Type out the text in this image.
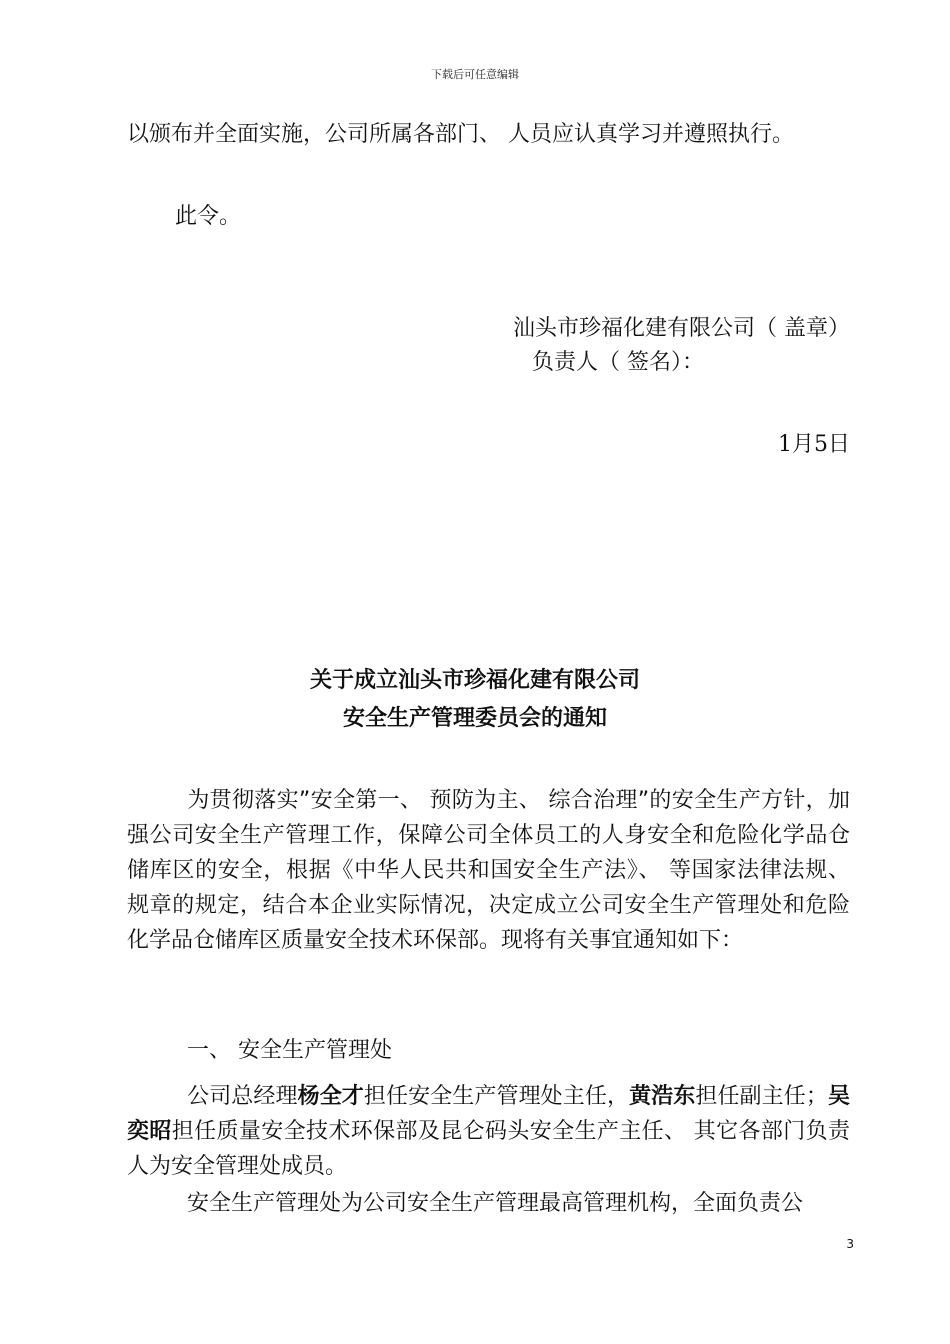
下载后可任意编辑
以颁布并全面实施，公司所属各部门、 人员应认真学习并遵照执行。
此令。
汕头市珍福化建有限公司（ 盖章）
负责人（ 签名）：
1月5日
关于成立汕头市珍福化建有限公司
安全生产管理委员会的通知
为贯彻落实”安全第一、 预防为主、 综合治理”的安全生产方针，加强公司安全生产管理工作，保障公司全体员工的人身安全和危险化学品仓储库区的安全，根据《中华人民共和国安全生产法》、 等国家法律法规、 规章的规定，结合本企业实际情况，决定成立公司安全生产管理处和危险化学品仓储库区质量安全技术环保部。现将有关事宜通知如下：
一、 安全生产管理处
公司总经理杨全才担任安全生产管理处主任，黄浩东担任副主任；吴奕昭担任质量安全技术环保部及昆仑码头安全生产主任、 其它各部门负责人为安全管理处成员。
安全生产管理处为公司安全生产管理最高管理机构，全面负责公
3
